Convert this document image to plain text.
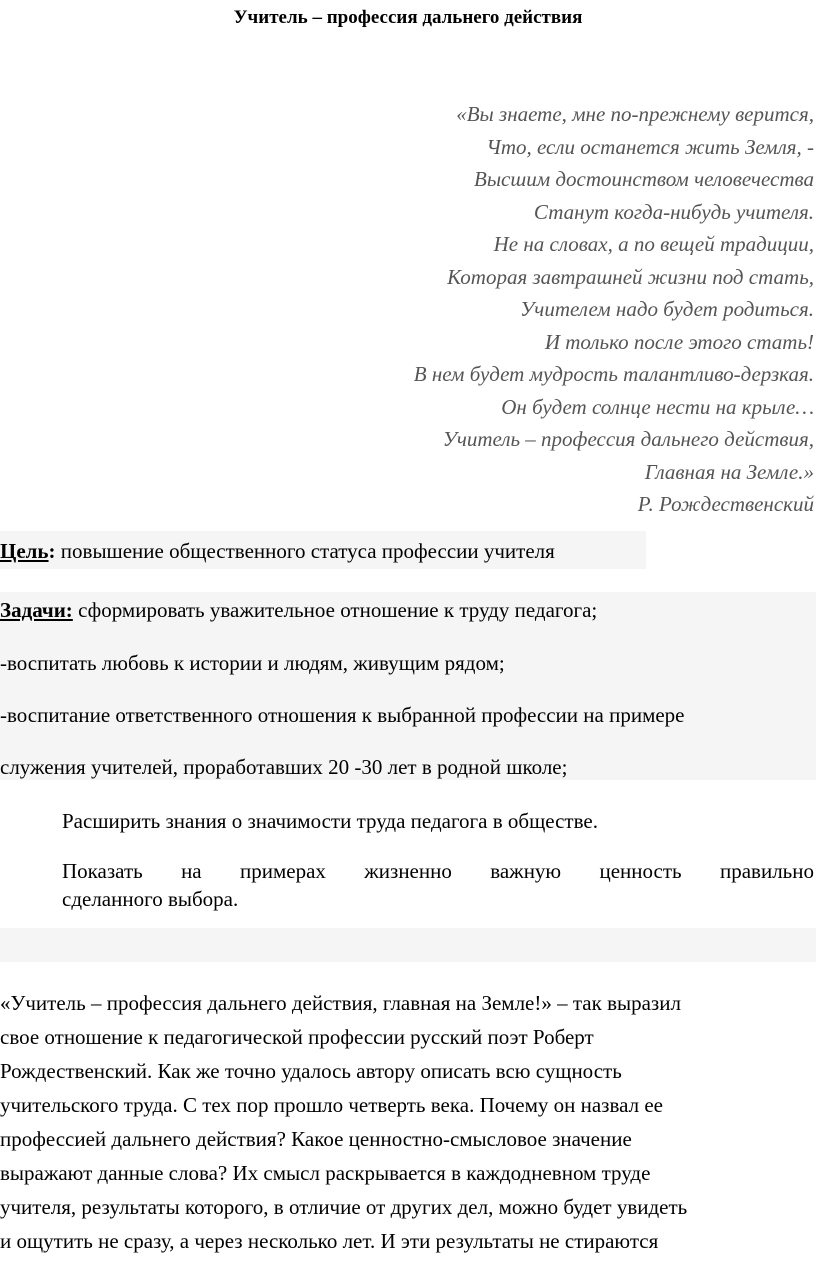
Учитель – профессия дальнего действия
«Вы знаете, мне по-прежнему верится,
Что, если останется жить Земля, -
Высшим достоинством человечества
Станут когда-нибудь учителя.
Не на словах, а по вещей традиции,
Которая завтрашней жизни под стать,
Учителем надо будет родиться.
И только после этого стать!
В нем будет мудрость талантливо-дерзкая.
Он будет солнце нести на крыле…
Учитель – профессия дальнего действия,
Главная на Земле.»
Р. Рождественский
Цель: повышение общественного статуса профессии учителя
Задачи: сформировать уважительное отношение к труду педагога;
-воспитать любовь к истории и людям, живущим рядом;
-воспитание ответственного отношения к выбранной профессии на примере
служения учителей, проработавших 20 -30 лет в родной школе;
Расширить знания о значимости труда педагога в обществе.
Показать на примерах жизненно важную ценность правильно
сделанного выбора.
«Учитель – профессия дальнего действия, главная на Земле!» – так выразил
свое отношение к педагогической профессии русский поэт Роберт
Рождественский. Как же точно удалось автору описать всю сущность
учительского труда. С тех пор прошло четверть века. Почему он назвал ее
профессией дальнего действия? Какое ценностно-смысловое значение
выражают данные слова? Их смысл раскрывается в каждодневном труде
учителя, результаты которого, в отличие от других дел, можно будет увидеть
и ощутить не сразу, а через несколько лет. И эти результаты не стираются
